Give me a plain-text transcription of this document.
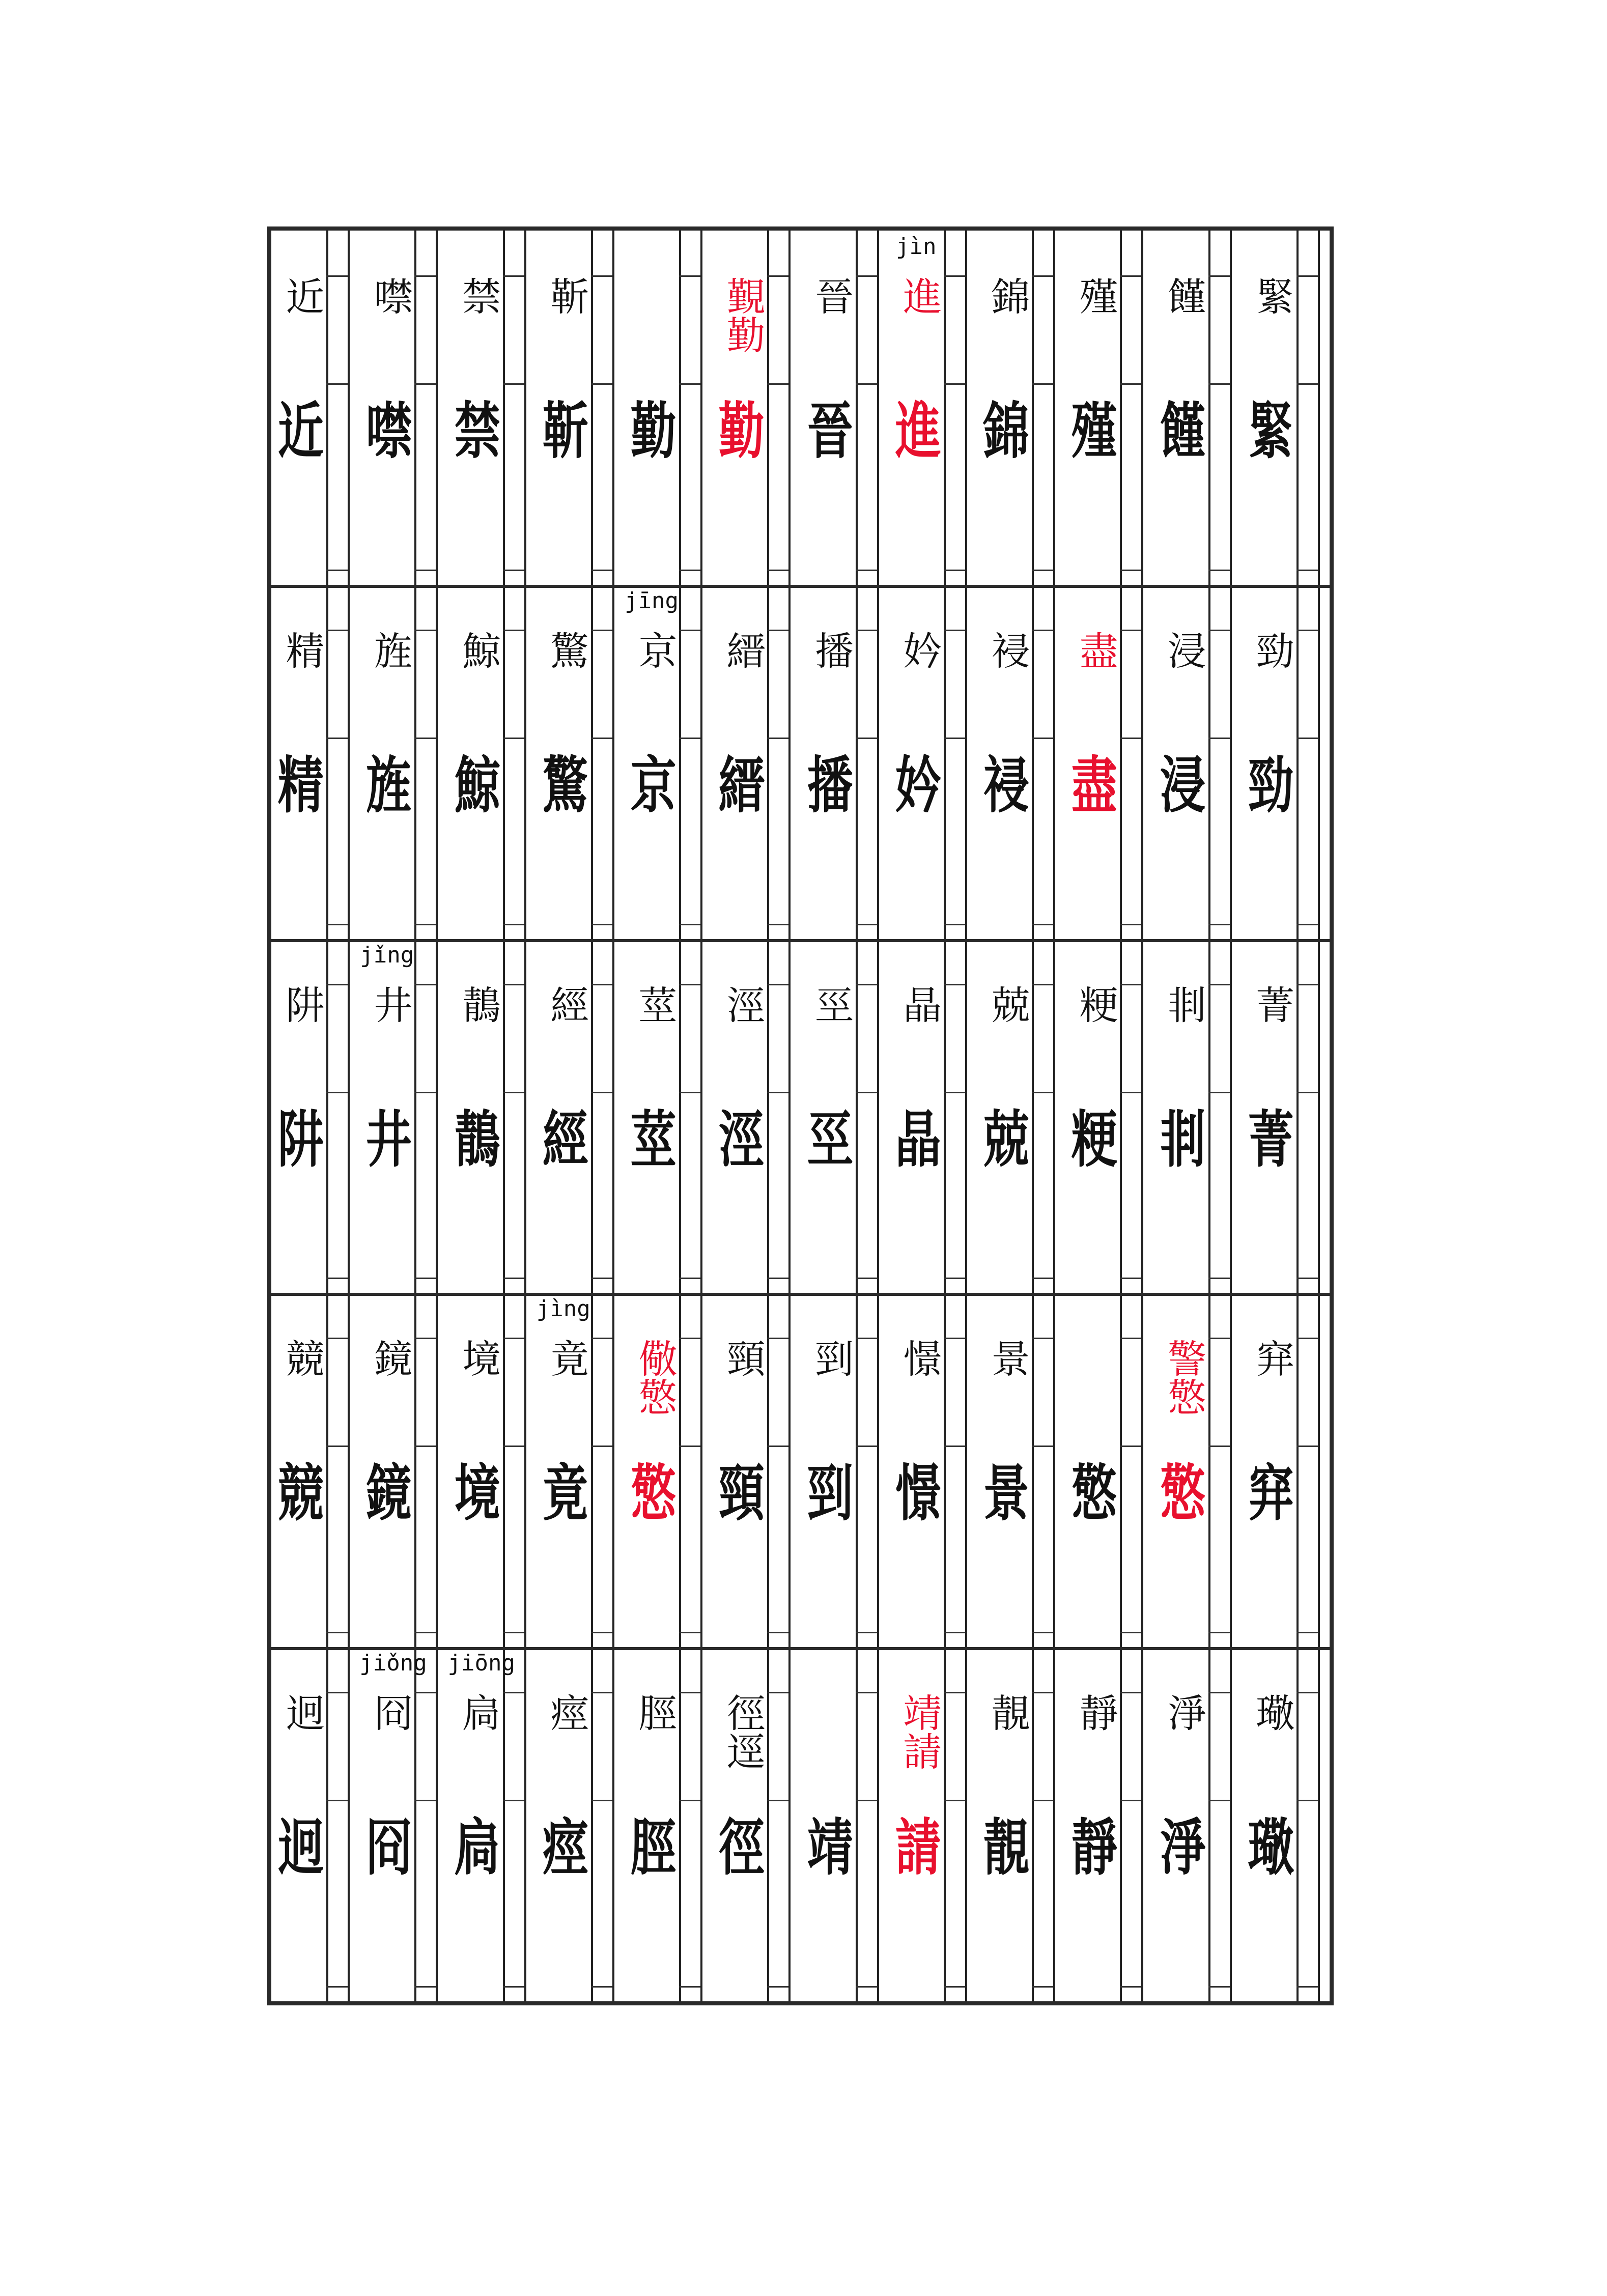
緊
緊
饉
饉
殣
殣
錦
錦
jìn
進
進
晉
晉
覲勤
勤
勤
靳
靳
禁
禁
噤
噤
近
近
勁
勁
浸
浸
盡
盡
祲
祲
妗
妗
播
播
縉
縉
jīng
京
京
驚
驚
鯨
鯨
旌
旌
精
精
菁
菁
剕
剕
粳
粳
兢
兢
晶
晶
巠
巠
涇
涇
莖
莖
經
經
鶄
鶄
jǐng
井
井
阱
阱
穽
穽
警憼
憼
憼
景
景
憬
憬
剄
剄
頸
頸
儆憼
憼
jìng
竟
竟
境
境
鏡
鏡
競
競
璥
璥
淨
淨
靜
靜
靚
靚
靖請
請
靖
徑逕
徑
脛
脛
痙
痙
jiōng
扃
扃
jiǒng
冏
冏
迥
迥
